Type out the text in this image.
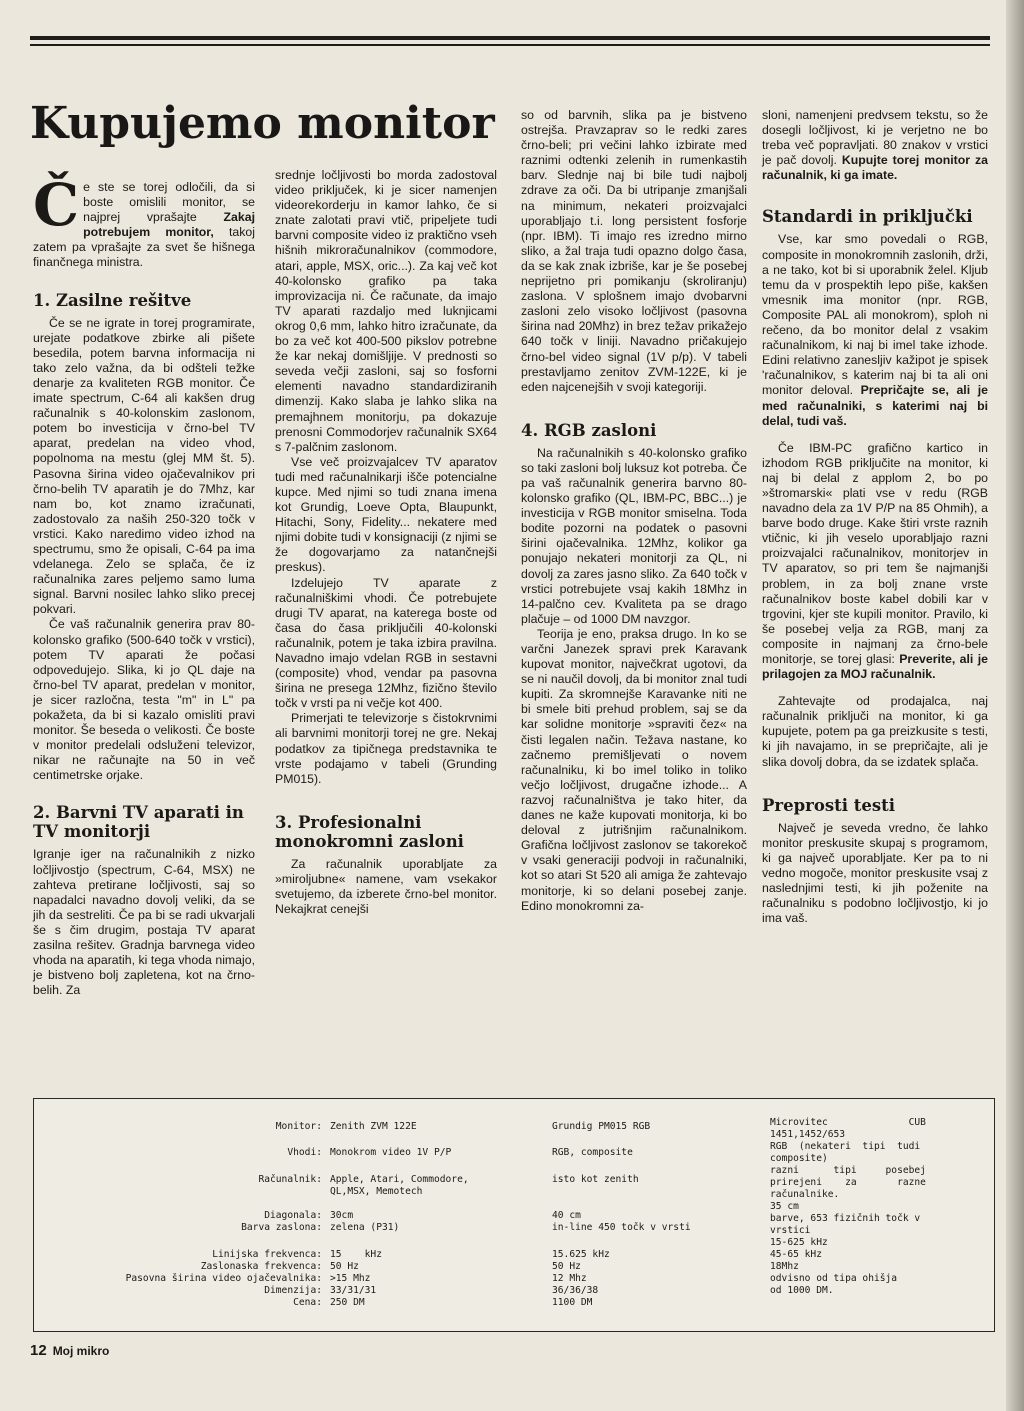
Kupujemo monitor

Če ste se torej odločili, da si boste omislili monitor, se najprej vprašajte Zakaj potrebujem monitor, takoj zatem pa vprašajte za svet še hišnega finančnega ministra.

1. Zasilne rešitve

Če se ne igrate in torej programirate, urejate podatkove zbirke ali pišete besedila, potem barvna informacija ni tako zelo važna, da bi odšteli težke denarje za kvaliteten RGB monitor. Če imate spectrum, C-64 ali kakšen drug računalnik s 40-kolonskim zaslonom, potem bo investicija v črno-bel TV aparat, predelan na video vhod, popolnoma na mestu (glej MM št. 5). Pasovna širina video ojačevalnikov pri črno-belih TV aparatih je do 7Mhz, kar nam bo, kot znamo izračunati, zadostovalo za naših 250-320 točk v vrstici. Kako naredimo video izhod na spectrumu, smo že opisali, C-64 pa ima vdelanega. Zelo se splača, če iz računalnika zares peljemo samo luma signal. Barvni nosilec lahko sliko precej pokvari.

Če vaš računalnik generira prav 80-kolonsko grafiko (500-640 točk v vrstici), potem TV aparati že počasi odpovedujejo. Slika, ki jo QL daje na črno-bel TV aparat, predelan v monitor, je sicer razločna, testa "m" in L" pa pokažeta, da bi si kazalo omisliti pravi monitor. Še beseda o velikosti. Če boste v monitor predelali odsluženi televizor, nikar ne računajte na 50 in več centimetrske orjake.

2. Barvni TV aparati in TV monitorji

Igranje iger na računalnikih z nizko ločljivostjo (spectrum, C-64, MSX) ne zahteva pretirane ločljivosti, saj so napadalci navadno dovolj veliki, da se jih da sestreliti. Če pa bi se radi ukvarjali še s čim drugim, postaja TV aparat zasilna rešitev. Gradnja barvnega video vhoda na aparatih, ki tega vhoda nimajo, je bistveno bolj zapletena, kot na črno-belih. Za

srednje ločljivosti bo morda zadostoval video priključek, ki je sicer namenjen videorekorderju in kamor lahko, če si znate zalotati pravi vtič, pripeljete tudi barvni composite video iz praktično vseh hišnih mikroračunalnikov (commodore, atari, apple, MSX, oric...). Za kaj več kot 40-kolonsko grafiko pa taka improvizacija ni. Če računate, da imajo TV aparati razdaljo med luknjicami okrog 0,6 mm, lahko hitro izračunate, da bo za več kot 400-500 pikslov potrebne že kar nekaj domišljije. V prednosti so seveda večji zasloni, saj so fosforni elementi navadno standardiziranih dimenzij. Kako slaba je lahko slika na premajhnem monitorju, pa dokazuje prenosni Commodorjev računalnik SX64 s 7-palčnim zaslonom.

Vse več proizvajalcev TV aparatov tudi med računalnikarji išče potencialne kupce. Med njimi so tudi znana imena kot Grundig, Loeve Opta, Blaupunkt, Hitachi, Sony, Fidelity... nekatere med njimi dobite tudi v konsignaciji (z njimi se že dogovarjamo za natančnejši preskus).

Izdelujejo TV aparate z računalniškimi vhodi. Če potrebujete drugi TV aparat, na katerega boste od časa do časa priključili 40-kolonski računalnik, potem je taka izbira pravilna. Navadno imajo vdelan RGB in sestavni (composite) vhod, vendar pa pasovna širina ne presega 12Mhz, fizično število točk v vrsti pa ni večje kot 400.

Primerjati te televizorje s čistokrvnimi ali barvnimi monitorji torej ne gre. Nekaj podatkov za tipičnega predstavnika te vrste podajamo v tabeli (Grunding PM015).

3. Profesionalni monokromni zasloni

Za računalnik uporabljate za »miroljubne« namene, vam vsekakor svetujemo, da izberete črno-bel monitor. Nekajkrat cenejši

so od barvnih, slika pa je bistveno ostrejša. Pravzaprav so le redki zares črno-beli; pri večini lahko izbirate med raznimi odtenki zelenih in rumenkastih barv. Slednje naj bi bile tudi najbolj zdrave za oči. Da bi utripanje zmanjšali na minimum, nekateri proizvajalci uporabljajo t.i. long persistent fosforje (npr. IBM). Ti imajo res izredno mirno sliko, a žal traja tudi opazno dolgo časa, da se kak znak izbriše, kar je še posebej neprijetno pri pomikanju (skroliranju) zaslona. V splošnem imajo dvobarvni zasloni zelo visoko ločljivost (pasovna širina nad 20Mhz) in brez težav prikažejo 640 točk v liniji. Navadno pričakujejo črno-bel video signal (1V p/p). V tabeli prestavljamo zenitov ZVM-122E, ki je eden najcenejših v svoji kategoriji.

4. RGB zasloni

Na računalnikih s 40-kolonsko grafiko so taki zasloni bolj luksuz kot potreba. Če pa vaš računalnik generira barvno 80-kolonsko grafiko (QL, IBM-PC, BBC...) je investicija v RGB monitor smiselna. Toda bodite pozorni na podatek o pasovni širini ojačevalnika. 12Mhz, kolikor ga ponujajo nekateri monitorji za QL, ni dovolj za zares jasno sliko. Za 640 točk v vrstici potrebujete vsaj kakih 18Mhz in 14-palčno cev. Kvaliteta pa se drago plačuje – od 1000 DM navzgor.

Teorija je eno, praksa drugo. In ko se varčni Janezek spravi prek Karavank kupovat monitor, največkrat ugotovi, da se ni naučil dovolj, da bi monitor znal tudi kupiti. Za skromnejše Karavanke niti ne bi smele biti prehud problem, saj se da kar solidne monitorje »spraviti čez« na čisti legalen način. Težava nastane, ko začnemo premišljevati o novem računalniku, ki bo imel toliko in toliko večjo ločljivost, drugačne izhode... A razvoj računalništva je tako hiter, da danes ne kaže kupovati monitorja, ki bo deloval z jutrišnjim računalnikom. Grafična ločljivost zaslonov se takorekoč v vsaki generaciji podvoji in računalniki, kot so atari St 520 ali amiga že zahtevajo monitorje, ki so delani posebej zanje. Edino monokromni za-

sloni, namenjeni predvsem tekstu, so že dosegli ločljivost, ki je verjetno ne bo treba več popravljati. 80 znakov v vrstici je pač dovolj. Kupujte torej monitor za računalnik, ki ga imate.

Standardi in priključki

Vse, kar smo povedali o RGB, composite in monokromnih zaslonih, drži, a ne tako, kot bi si uporabnik želel. Kljub temu da v prospektih lepo piše, kakšen vmesnik ima monitor (npr. RGB, Composite PAL ali monokrom), sploh ni rečeno, da bo monitor delal z vsakim računalnikom, ki naj bi imel take izhode. Edini relativno zanesljiv kažipot je spisek 'računalnikov, s katerim naj bi ta ali oni monitor deloval. Prepričajte se, ali je med računalniki, s katerimi naj bi delal, tudi vaš.

Če IBM-PC grafično kartico in izhodom RGB priključite na monitor, ki naj bi delal z applom 2, bo po »štromarski« plati vse v redu (RGB navadno dela za 1V P/P na 85 Ohmih), a barve bodo druge. Kake štiri vrste raznih vtičnic, ki jih veselo uporabljajo razni proizvajalci računalnikov, monitorjev in TV aparatov, so pri tem še najmanjši problem, in za bolj znane vrste računalnikov boste kabel dobili kar v trgovini, kjer ste kupili monitor. Pravilo, ki še posebej velja za RGB, manj za composite in najmanj za črno-bele monitorje, se torej glasi: Preverite, ali je prilagojen za MOJ računalnik.

Zahtevajte od prodajalca, naj računalnik priključi na monitor, ki ga kupujete, potem pa ga preizkusite s testi, ki jih navajamo, in se prepričajte, ali je slika dovolj dobra, da se izdatek splača.

Preprosti testi

Največ je seveda vredno, če lahko monitor preskusite skupaj s programom, ki ga največ uporabljate. Ker pa to ni vedno mogoče, monitor preskusite vsaj z naslednjimi testi, ki jih poženite na računalniku s podobno ločljivostjo, ki jo ima vaš.

Monitor:
Vhodi:
Računalnik:
Diagonala:
Barva zaslona:
Linijska frekvenca:
Zaslonaska frekvenca:
Pasovna širina video ojačevalnika:
Dimenzija:
Cena:
Zenith ZVM 122E
Monokrom video 1V P/P
Apple, Atari, Commodore,
QL,MSX, Memotech
30cm
zelena (P31)
15    kHz
50 Hz
>15 Mhz
33/31/31
250 DM
Grundig PM015 RGB
RGB, composite
isto kot zenith
40 cm
in-line 450 točk v vrsti
15.625 kHz
50 Hz
12 Mhz
36/36/38
1100 DM
Microvitec              CUB
1451,1452/653
RGB  (nekateri  tipi  tudi
composite)
razni      tipi     posebej
prirejeni    za       razne
računalnike.
35 cm
barve, 653 fizičnih točk v
vrstici
15-625 kHz
45-65 kHz
18Mhz
odvisno od tipa ohišja
od 1000 DM.
12 Moj mikro
